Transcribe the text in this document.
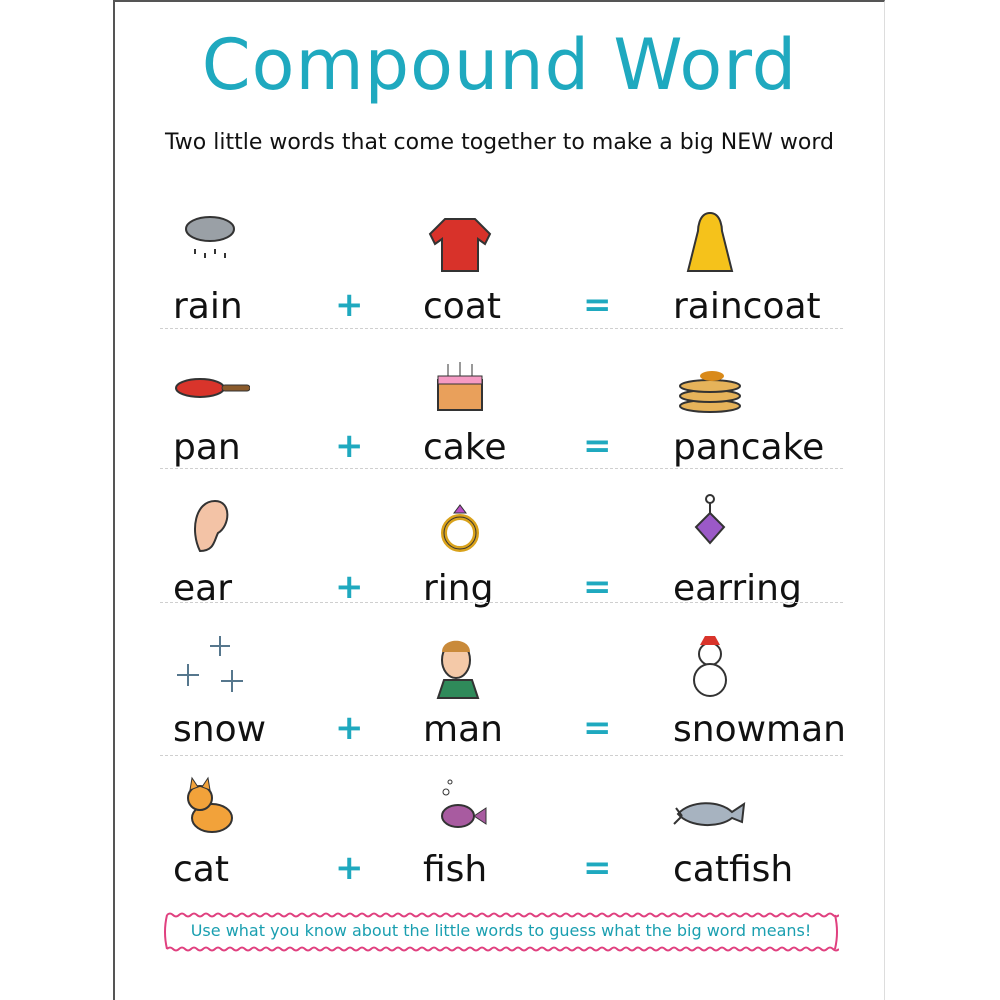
Compound Word
Two little words that come together to make a big NEW word
rain	+ coat = raincoat
pan	+ cake = pancake
ear	+ ring	= earring
snow + man = snowman
cat	+ fish	= catfish
Use what you know about the little words to guess what the big word means!
